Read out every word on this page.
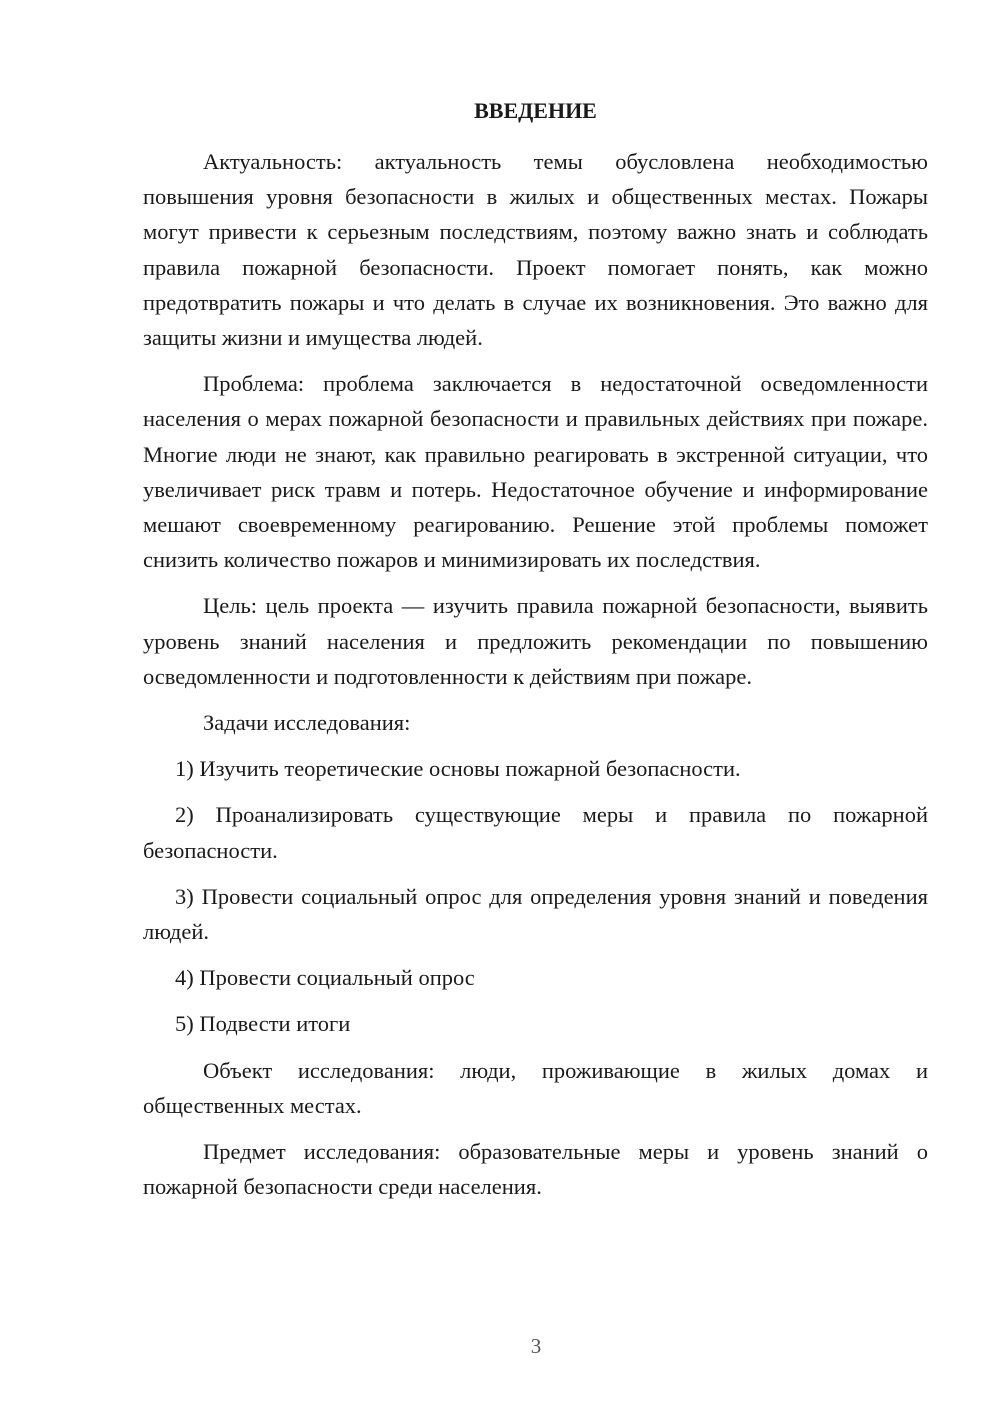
ВВЕДЕНИЕ

Актуальность: актуальность темы обусловлена необходимостью повышения уровня безопасности в жилых и общественных местах. Пожары могут привести к серьезным последствиям, поэтому важно знать и соблюдать правила пожарной безопасности. Проект помогает понять, как можно предотвратить пожары и что делать в случае их возникновения. Это важно для защиты жизни и имущества людей.

Проблема: проблема заключается в недостаточной осведомленности населения о мерах пожарной безопасности и правильных действиях при пожаре. Многие люди не знают, как правильно реагировать в экстренной ситуации, что увеличивает риск травм и потерь. Недостаточное обучение и информирование мешают своевременному реагированию. Решение этой проблемы поможет снизить количество пожаров и минимизировать их последствия.

Цель: цель проекта — изучить правила пожарной безопасности, выявить уровень знаний населения и предложить рекомендации по повышению осведомленности и подготовленности к действиям при пожаре.

Задачи исследования:

1) Изучить теоретические основы пожарной безопасности.

2) Проанализировать существующие меры и правила по пожарной безопасности.

3) Провести социальный опрос для определения уровня знаний и поведения людей.

4) Провести социальный опрос

5) Подвести итоги

Объект исследования: люди, проживающие в жилых домах и общественных местах.

Предмет исследования: образовательные меры и уровень знаний о пожарной безопасности среди населения.

3
